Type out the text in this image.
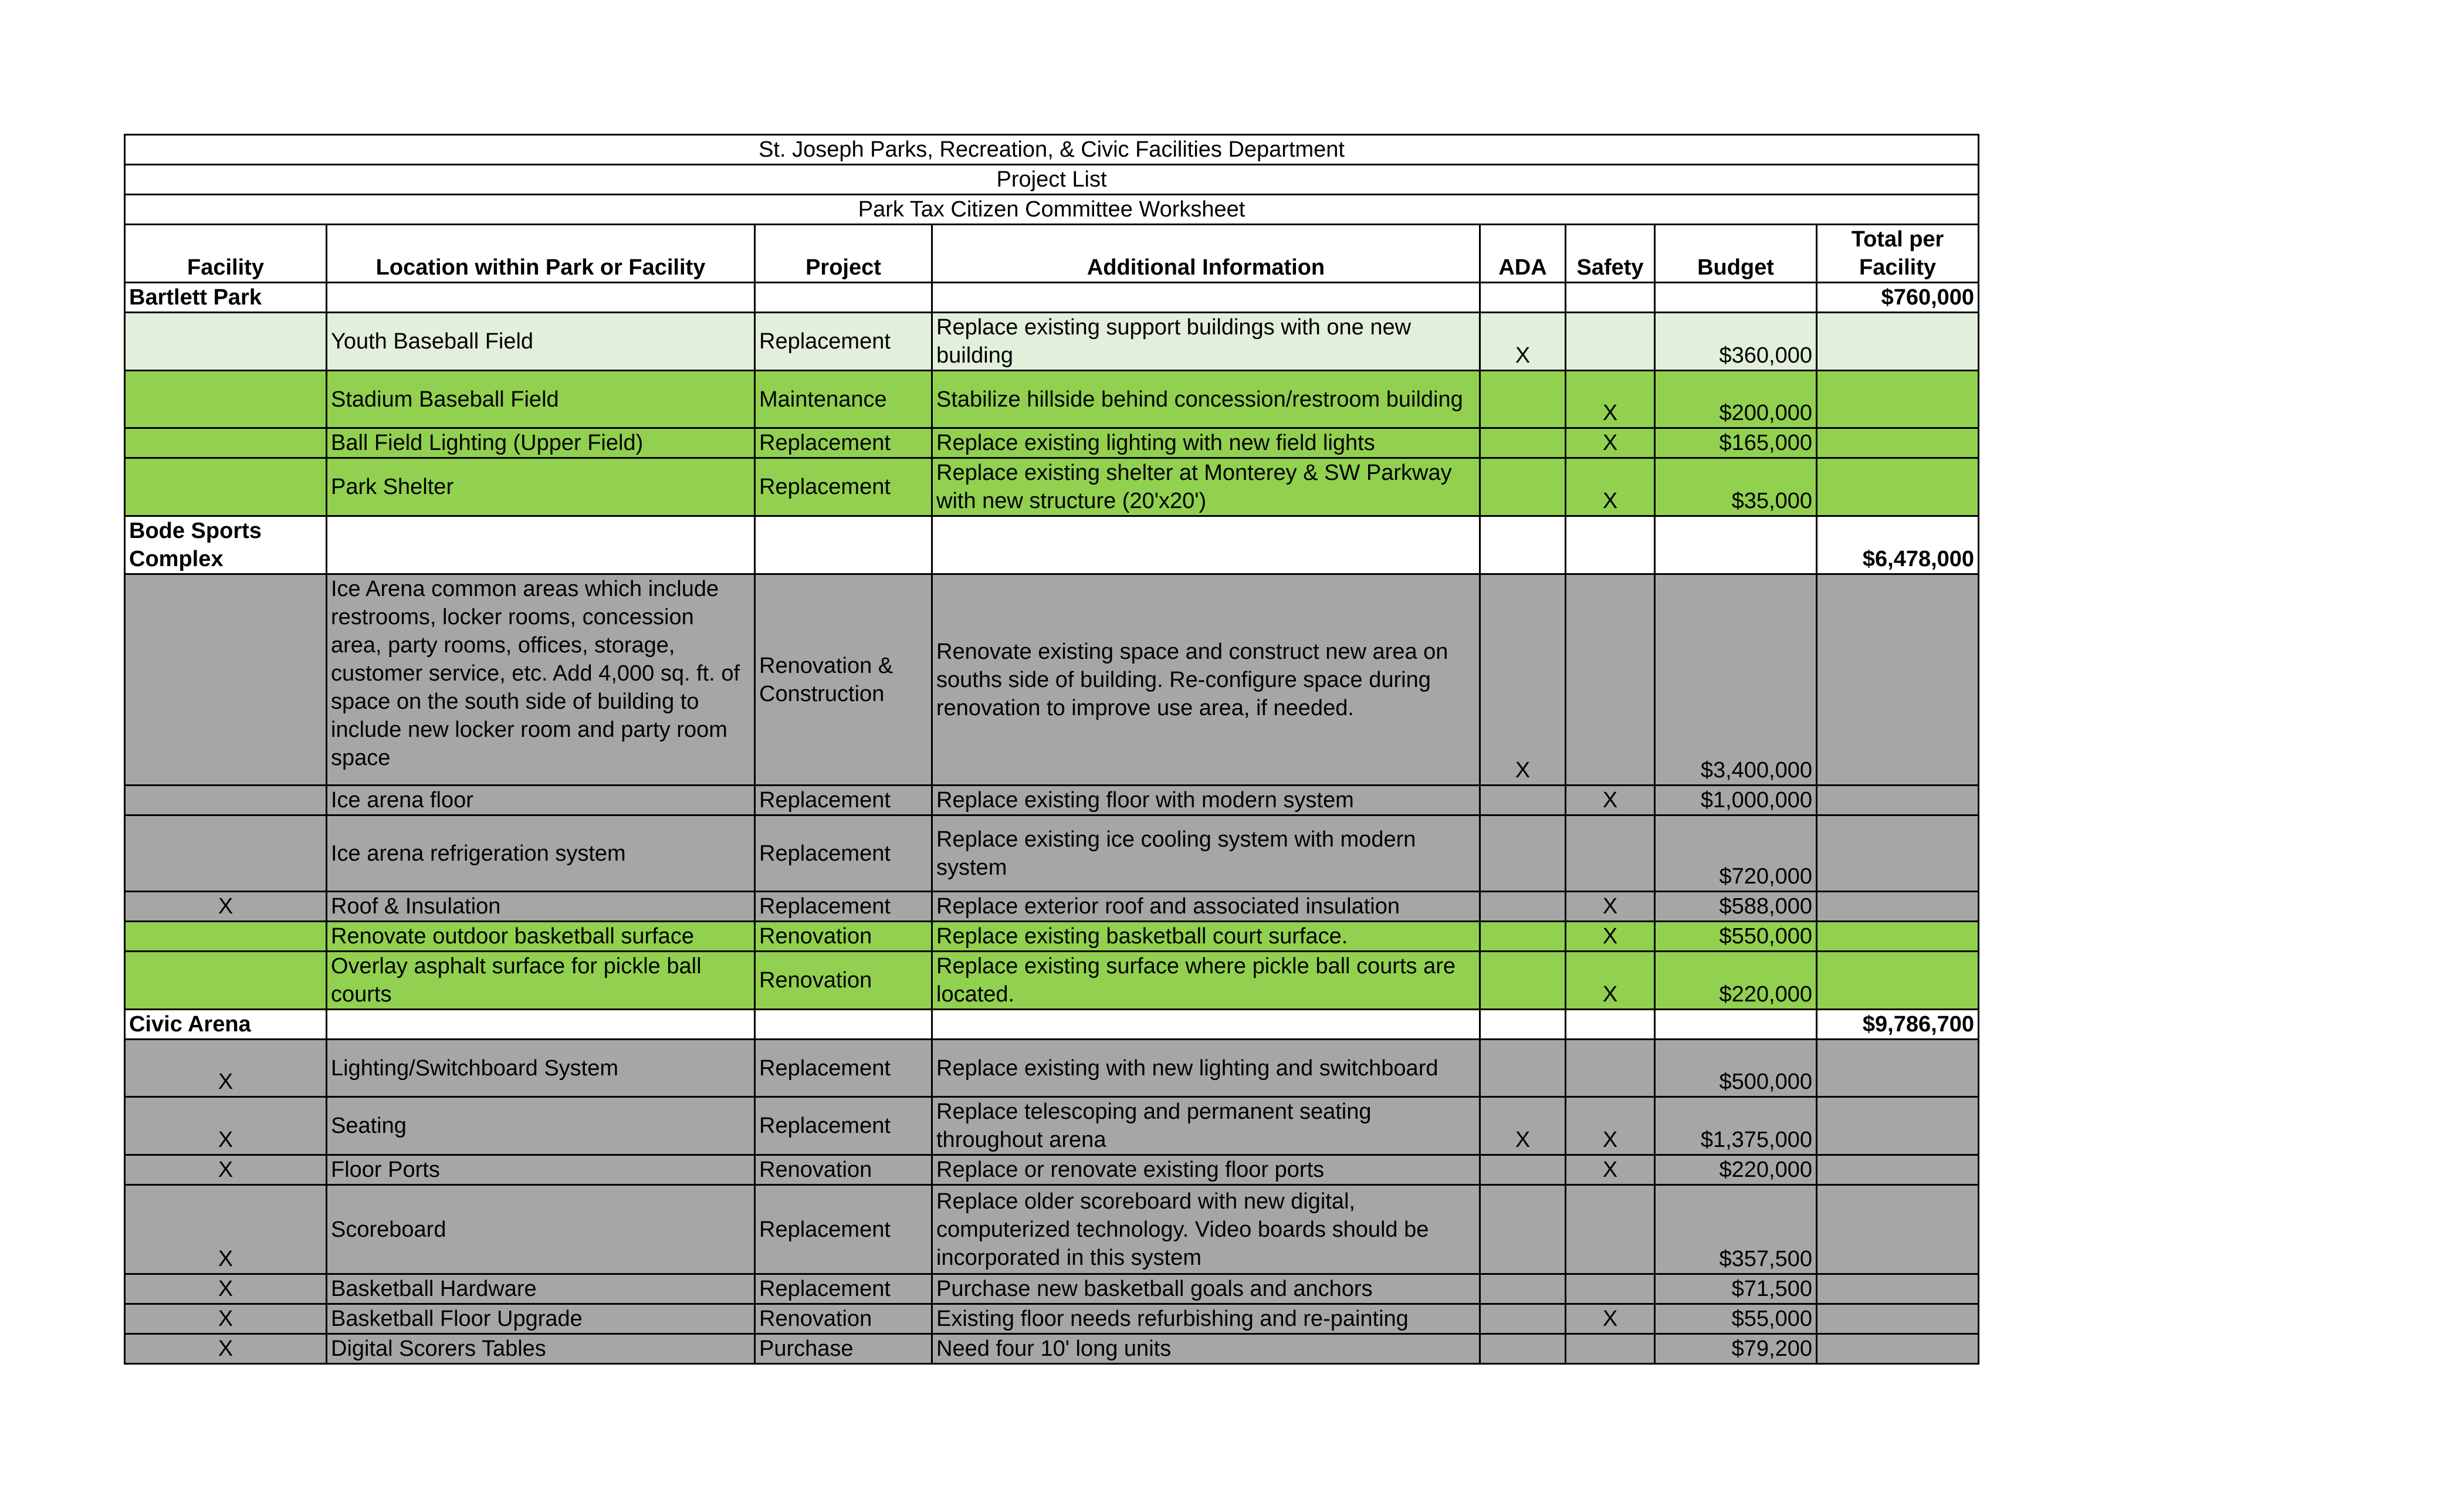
St. Joseph Parks, Recreation, & Civic Facilities Department							
Project List							
Park Tax Citizen Committee Worksheet							
Facility	Location within Park or Facility	Project	Additional Information	ADA	Safety	Budget	Total per Facility
Bartlett Park							$760,000
	Youth Baseball Field	Replacement	Replace existing support buildings with one new building	X		$360,000	
	Stadium Baseball Field	Maintenance	Stabilize hillside behind concession/restroom building		X	$200,000	
	Ball Field Lighting (Upper Field)	Replacement	Replace existing lighting with new field lights		X	$165,000	
	Park Shelter	Replacement	Replace existing shelter at Monterey & SW Parkway with new structure (20'x20')		X	$35,000	
Bode Sports Complex							$6,478,000
	Ice Arena common areas which include restrooms, locker rooms, concession area, party rooms, offices, storage, customer service, etc. Add 4,000 sq. ft. of space on the south side of building to include new locker room and party room space	Renovation & Construction	Renovate existing space and construct new area on souths side of building. Re-configure space during renovation to improve use area, if needed.	X		$3,400,000	
	Ice arena floor	Replacement	Replace existing floor with modern system		X	$1,000,000	
	Ice arena refrigeration system	Replacement	Replace existing ice cooling system with modern system			$720,000	
X	Roof & Insulation	Replacement	Replace exterior roof and associated insulation		X	$588,000	
	Renovate outdoor basketball surface	Renovation	Replace existing basketball court surface.		X	$550,000	
	Overlay asphalt surface for pickle ball courts	Renovation	Replace existing surface where pickle ball courts are located.		X	$220,000	
Civic Arena							$9,786,700
X	Lighting/Switchboard System	Replacement	Replace existing with new lighting and switchboard			$500,000	
X	Seating	Replacement	Replace telescoping and permanent seating throughout arena	X	X	$1,375,000	
X	Floor Ports	Renovation	Replace or renovate existing floor ports		X	$220,000	
X	Scoreboard	Replacement	Replace older scoreboard with new digital, computerized technology. Video boards should be incorporated in this system			$357,500	
X	Basketball Hardware	Replacement	Purchase new basketball goals and anchors			$71,500	
X	Basketball Floor Upgrade	Renovation	Existing floor needs refurbishing and re-painting		X	$55,000	
X	Digital Scorers Tables	Purchase	Need four 10' long units			$79,200	
